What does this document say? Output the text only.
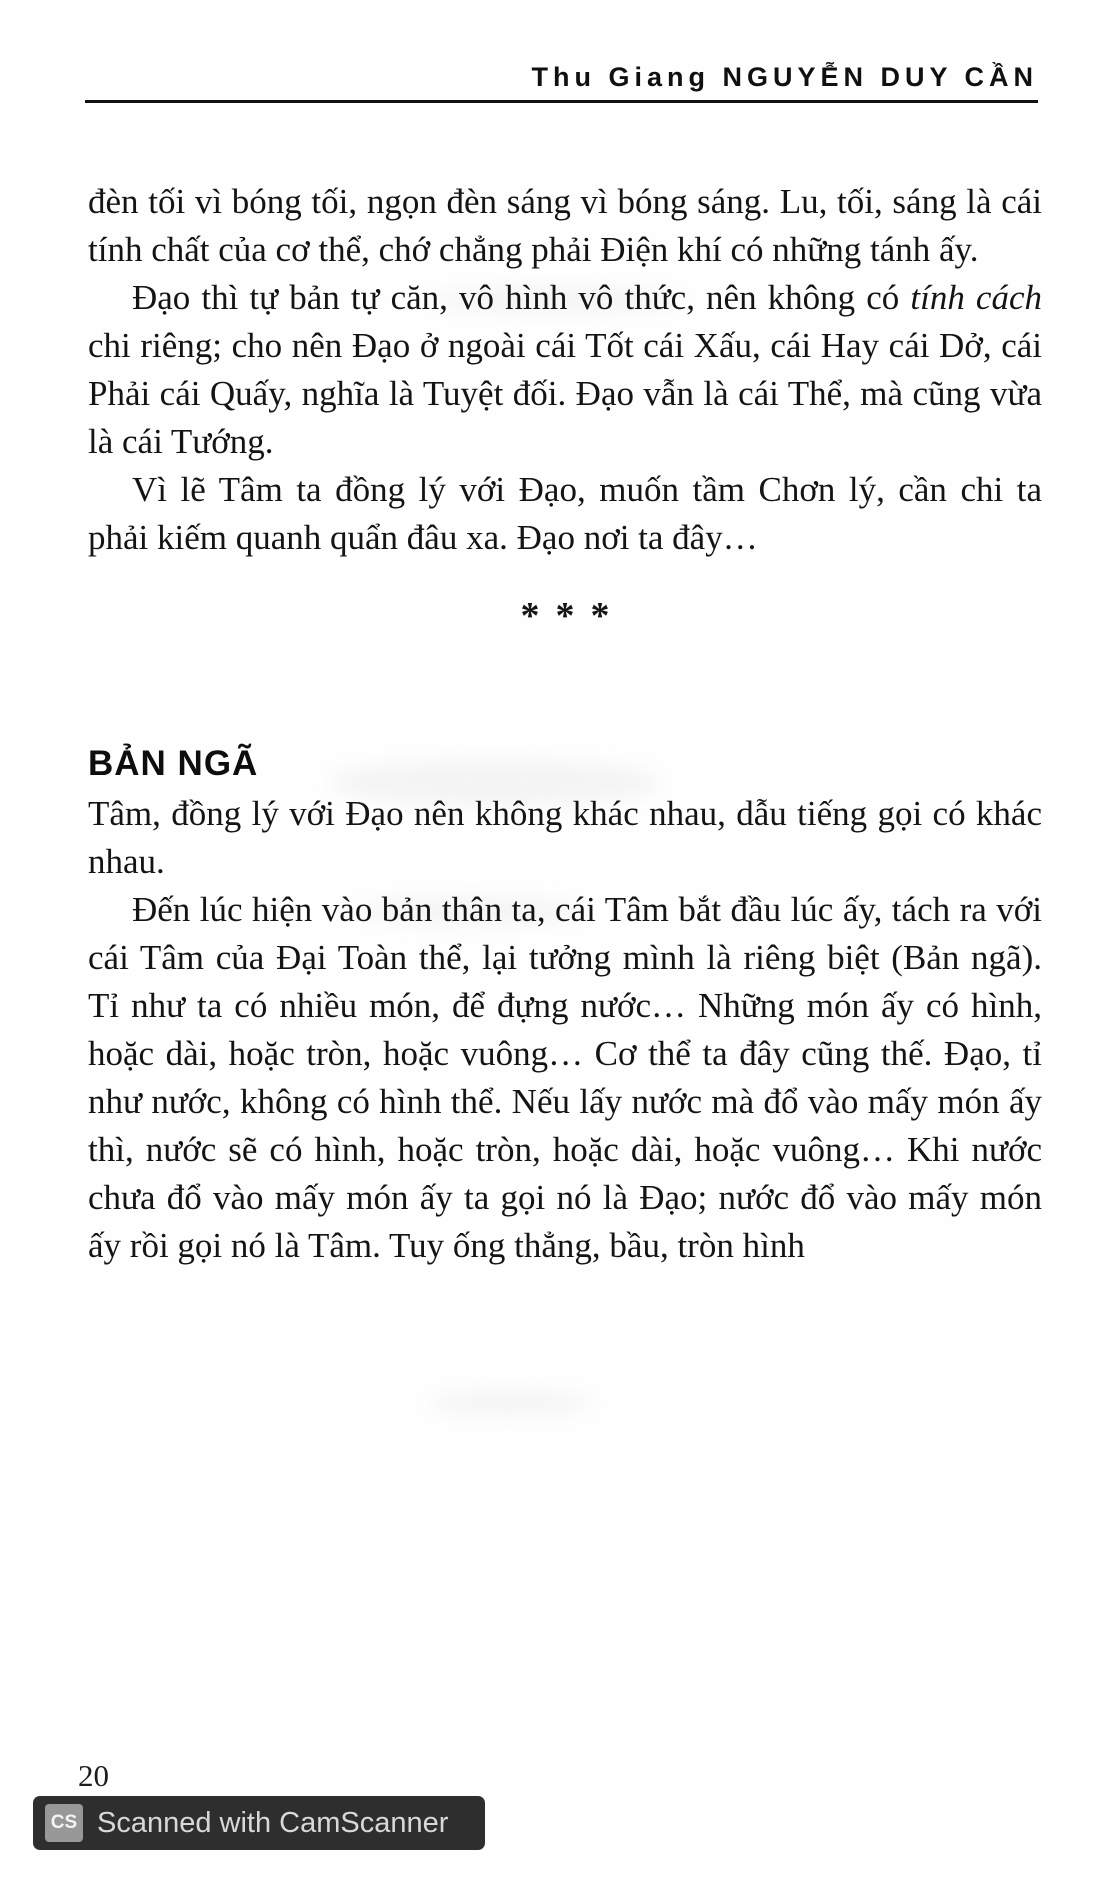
Thu Giang NGUYỄN DUY CẦN

đèn tối vì bóng tối, ngọn đèn sáng vì bóng sáng. Lu, tối, sáng là cái tính chất của cơ thể, chớ chẳng phải Điện khí có những tánh ấy.

Đạo thì tự bản tự căn, vô hình vô thức, nên không có tính cách chi riêng; cho nên Đạo ở ngoài cái Tốt cái Xấu, cái Hay cái Dở, cái Phải cái Quấy, nghĩa là Tuyệt đối. Đạo vẫn là cái Thể, mà cũng vừa là cái Tướng.

Vì lẽ Tâm ta đồng lý với Đạo, muốn tầm Chơn lý, cần chi ta phải kiếm quanh quẩn đâu xa. Đạo nơi ta đây…

***
BẢN NGÃ

Tâm, đồng lý với Đạo nên không khác nhau, dẫu tiếng gọi có khác nhau.

Đến lúc hiện vào bản thân ta, cái Tâm bắt đầu lúc ấy, tách ra với cái Tâm của Đại Toàn thể, lại tưởng mình là riêng biệt (Bản ngã). Tỉ như ta có nhiều món, để đựng nước… Những món ấy có hình, hoặc dài, hoặc tròn, hoặc vuông… Cơ thể ta đây cũng thế. Đạo, tỉ như nước, không có hình thể. Nếu lấy nước mà đổ vào mấy món ấy thì, nước sẽ có hình, hoặc tròn, hoặc dài, hoặc vuông… Khi nước chưa đổ vào mấy món ấy ta gọi nó là Đạo; nước đổ vào mấy món ấy rồi gọi nó là Tâm. Tuy ống thẳng, bầu, tròn hình

20
CS Scanned with CamScanner
